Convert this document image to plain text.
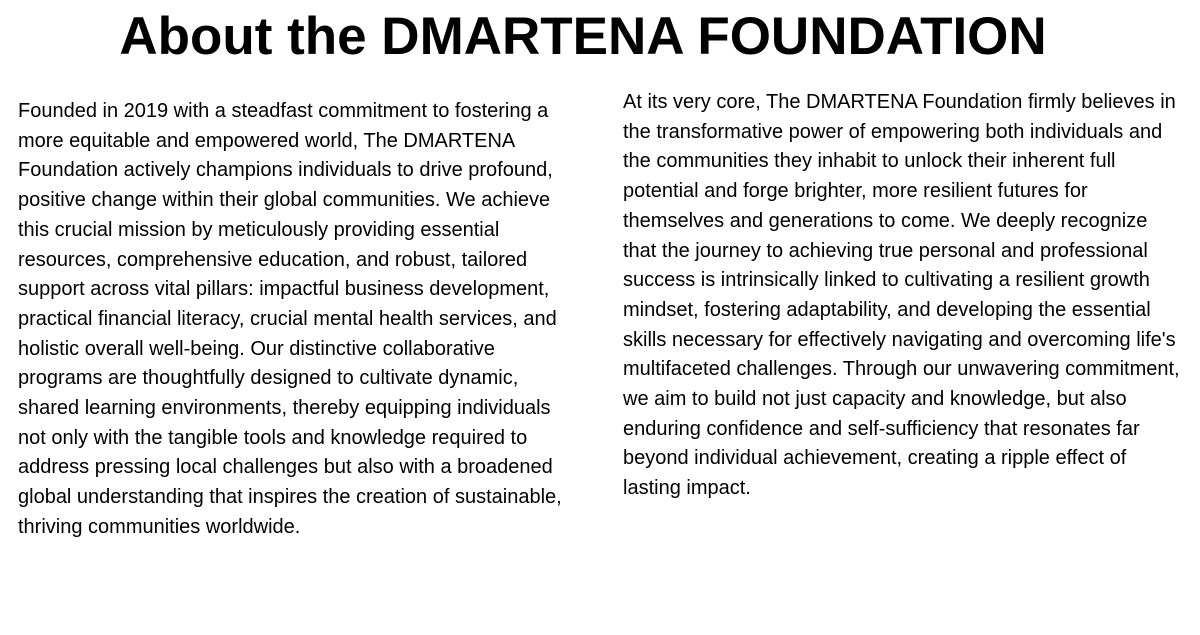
About the DMARTENA FOUNDATION

Founded in 2019 with a steadfast commitment to fostering a more equitable and empowered world, The DMARTENA Foundation actively champions individuals to drive profound, positive change within their global communities. We achieve this crucial mission by meticulously providing essential resources, comprehensive education, and robust, tailored support across vital pillars: impactful business development, practical financial literacy, crucial mental health services, and holistic overall well-being. Our distinctive collaborative programs are thoughtfully designed to cultivate dynamic, shared learning environments, thereby equipping individuals not only with the tangible tools and knowledge required to address pressing local challenges but also with a broadened global understanding that inspires the creation of sustainable, thriving communities worldwide.

At its very core, The DMARTENA Foundation firmly believes in the transformative power of empowering both individuals and the communities they inhabit to unlock their inherent full potential and forge brighter, more resilient futures for themselves and generations to come. We deeply recognize that the journey to achieving true personal and professional success is intrinsically linked to cultivating a resilient growth mindset, fostering adaptability, and developing the essential skills necessary for effectively navigating and overcoming life's multifaceted challenges. Through our unwavering commitment, we aim to build not just capacity and knowledge, but also enduring confidence and self-sufficiency that resonates far beyond individual achievement, creating a ripple effect of lasting impact.
